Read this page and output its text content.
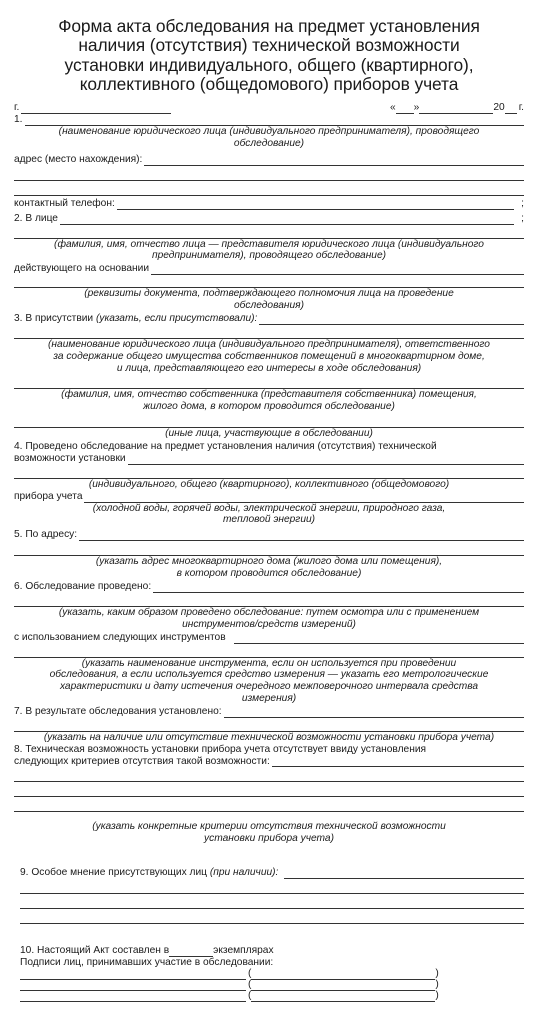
Форма акта обследования на предмет установления
наличия (отсутствия) технической возможности
установки индивидуального, общего (квартирного),
коллективного (общедомового) приборов учета
г.	« »	20 г.
1.
(наименование юридического лица (индивидуального предпринимателя), проводящего
обследование)
адрес (место нахождения):
контактный телефон:	;
2. В лице	;
(фамилия, имя, отчество лица — представителя юридического лица (индивидуального
предпринимателя), проводящего обследование)
действующего на основании
(реквизиты документа, подтверждающего полномочия лица на проведение
обследования)
3. В присутствии (указать, если присутствовали):
(наименование юридического лица (индивидуального предпринимателя), ответственного
за содержание общего имущества собственников помещений в многоквартирном доме,
и лица, представляющего его интересы в ходе обследования)
(фамилия, имя, отчество собственника (представителя собственника) помещения,
жилого дома, в котором проводится обследование)
(иные лица, участвующие в обследовании)
4. Проведено обследование на предмет установления наличия (отсутствия) технической
возможности установки
(индивидуального, общего (квартирного), коллективного (общедомового)
прибора учета
(холодной воды, горячей воды, электрической энергии, природного газа,
тепловой энергии)
5. По адресу:
(указать адрес многоквартирного дома (жилого дома или помещения),
в котором проводится обследование)
6. Обследование проведено:
(указать, каким образом проведено обследование: путем осмотра или с применением
инструментов/средств измерений)
с использованием следующих инструментов
(указать наименование инструмента, если он используется при проведении
обследования, а если используется средство измерения — указать его метрологические
характеристики и дату истечения очередного межповерочного интервала средства
измерения)
7. В результате обследования установлено:
(указать на наличие или отсутствие технической возможности установки прибора учета)
8. Техническая возможность установки прибора учета отсутствует ввиду установления
следующих критериев отсутствия такой возможности:
(указать конкретные критерии отсутствия технической возможности
установки прибора учета)
9. Особое мнение присутствующих лиц (при наличии):
10. Настоящий Акт составлен в	экземплярах
Подписи лиц, принимавших участие в обследовании:
(	)
(	)
(	)
